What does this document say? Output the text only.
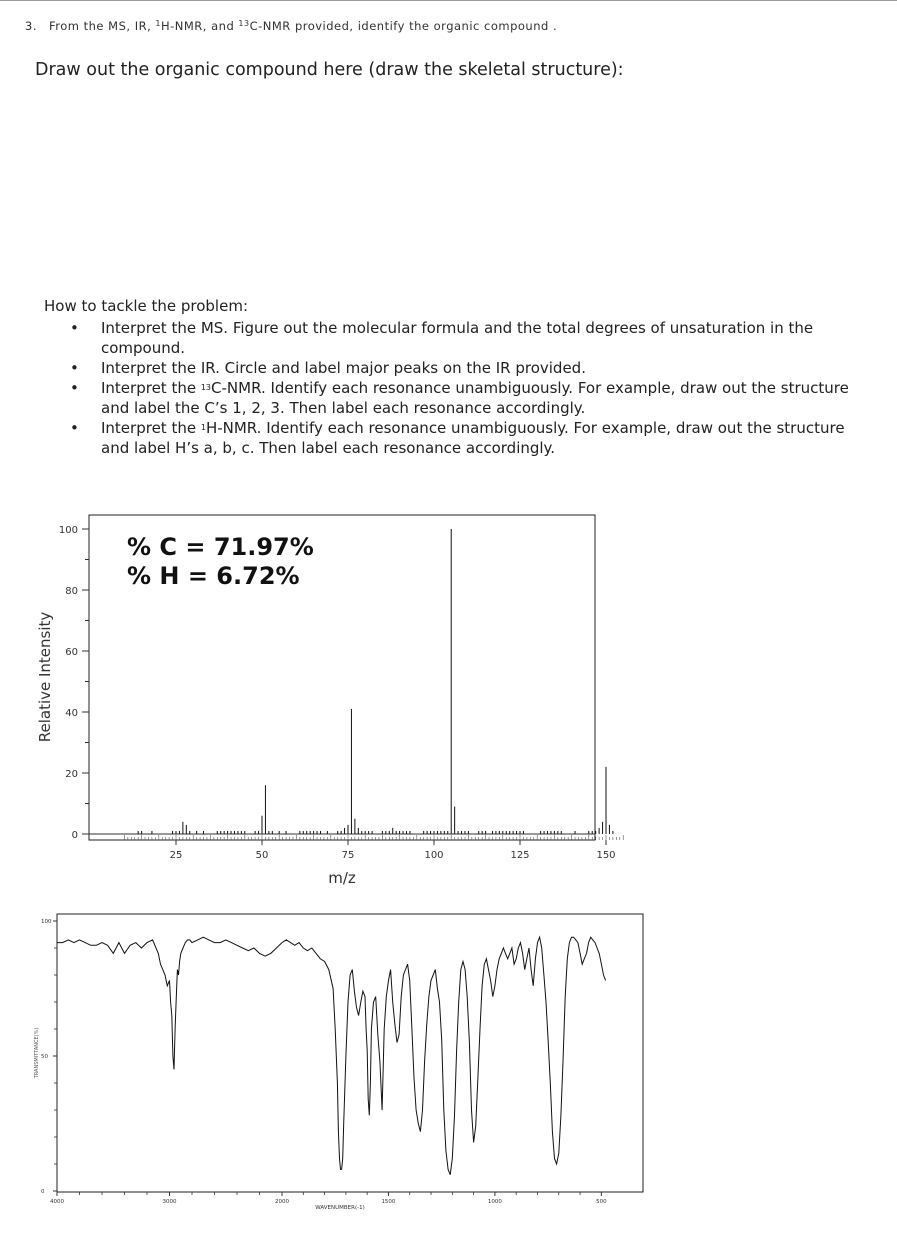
3. From the MS, IR, $^1$H-NMR, and $^{13}$C-NMR provided, identify the organic compound .
Draw out the organic compound here (draw the skeletal structure):
How to tackle the problem:
• Interpret the MS. Figure out the molecular formula and the total degrees of unsaturation in the compound.
• Interpret the IR. Circle and label major peaks on the IR provided.
• Interpret the $^{13}$C-NMR. Identify each resonance unambiguously. For example, draw out the structure and label the C’s 1, 2, 3. Then label each resonance accordingly.
• Interpret the $^1$H-NMR. Identify each resonance unambiguously. For example, draw out the structure and label H’s a, b, c. Then label each resonance accordingly.
0
20
40
60
80
100
25	50	75	100	125	150
% C = 71.97%
% H = 6.72%
m/z
Relative Intensity
4000	3000	2000	1500	1000	500
100
50
0
WAVENUMBER(-1)
TRANSMITTANCE(%)
